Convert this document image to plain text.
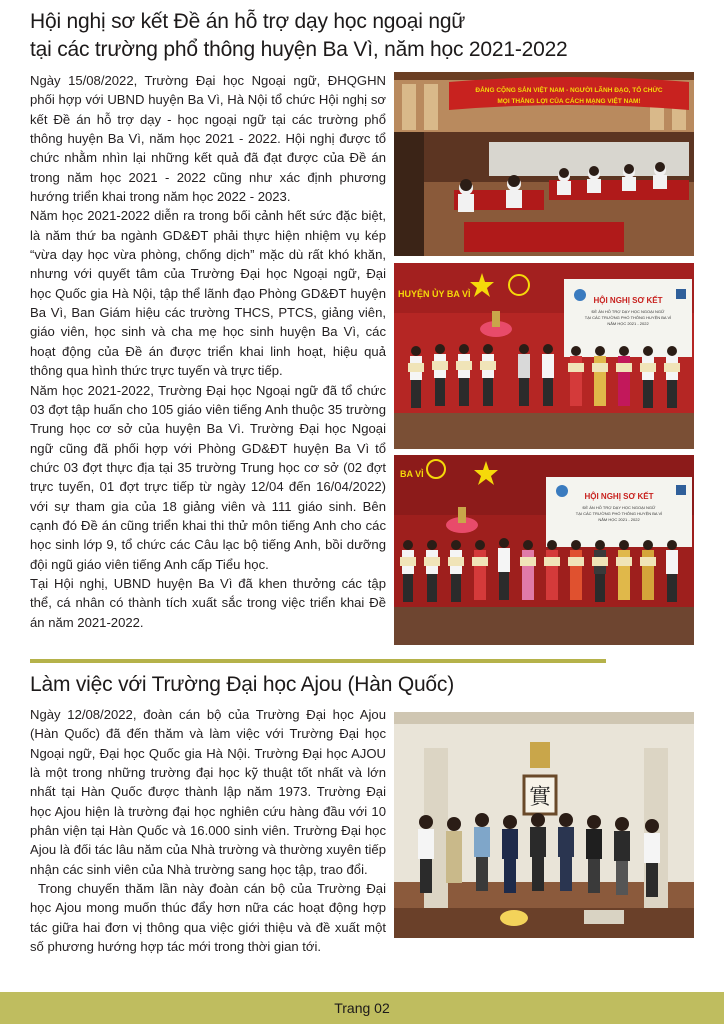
Hội nghị sơ kết Đề án hỗ trợ dạy học ngoại ngữ
tại các trường phổ thông huyện Ba Vì, năm học 2021-2022

Ngày 15/08/2022, Trường Đại học Ngoại ngữ, ĐHQGHN phối hợp với UBND huyện Ba Vì, Hà Nội tổ chức Hội nghị sơ kết Đề án hỗ trợ dạy - học ngoại ngữ tại các trường phổ thông huyện Ba Vì, năm học 2021 - 2022. Hội nghị được tổ chức nhằm nhìn lại những kết quả đã đạt được của Đề án trong năm học 2021 - 2022 cũng như xác định phương hướng triển khai trong năm học 2022 - 2023.

Năm học 2021-2022 diễn ra trong bối cảnh hết sức đặc biệt, là năm thứ ba ngành GD&ĐT phải thực hiện nhiệm vụ kép “vừa dạy học vừa phòng, chống dịch” mặc dù rất khó khăn, nhưng với quyết tâm của Trường Đại học Ngoại ngữ, Đại học Quốc gia Hà Nội, tập thể lãnh đạo Phòng GD&ĐT huyện Ba Vì, Ban Giám hiệu các trường THCS, PTCS, giảng viên, giáo viên, học sinh và cha mẹ học sinh huyện Ba Vì, các hoạt động của Đề án được triển khai linh hoạt, hiệu quả thông qua hình thức trực tuyến và trực tiếp.

Năm học 2021-2022, Trường Đại học Ngoại ngữ đã tổ chức 03 đợt tập huấn cho 105 giáo viên tiếng Anh thuộc 35 trường Trung học cơ sở của huyện Ba Vì. Trường Đại học Ngoại ngữ cũng đã phối hợp với Phòng GD&ĐT huyện Ba Vì tổ chức 03 đợt thực địa tại 35 trường Trung học cơ sở (02 đợt trực tuyến, 01 đợt trực tiếp từ ngày 12/04 đến 16/04/2022) với sự tham gia của 18 giảng viên và 111 giáo sinh. Bên cạnh đó Đề án cũng triển khai thi thử môn tiếng Anh cho các học sinh lớp 9, tổ chức các Câu lạc bộ tiếng Anh, bồi dưỡng đội ngũ giáo viên tiếng Anh cấp Tiểu học.

Tại Hội nghị, UBND huyện Ba Vì đã khen thưởng các tập thể, cá nhân có thành tích xuất sắc trong việc triển khai Đề án năm 2021-2022.

ĐẢNG CỘNG SẢN VIỆT NAM - NGƯỜI LÃNH ĐẠO, TỔ CHỨC
MỌI THẮNG LỢI CỦA CÁCH MẠNG VIỆT NAM!
HUYỆN ỦY BA VÌ
HỘI NGHỊ SƠ KẾT
ĐỀ ÁN HỖ TRỢ DẠY HỌC NGOẠI NGỮ
TẠI CÁC TRƯỜNG PHỔ THÔNG HUYỆN BA VÌ
NĂM HỌC 2021 - 2022
BA VÌ
HỘI NGHỊ SƠ KẾT
ĐỀ ÁN HỖ TRỢ DẠY HỌC NGOẠI NGỮ
TẠI CÁC TRƯỜNG PHỔ THÔNG HUYỆN BA VÌ
NĂM HỌC 2021 - 2022
Làm việc với Trường Đại học Ajou (Hàn Quốc)

Ngày 12/08/2022, đoàn cán bộ của Trường Đại học Ajou (Hàn Quốc) đã đến thăm và làm việc với Trường Đại học Ngoại ngữ, Đại học Quốc gia Hà Nội. Trường Đại học AJOU là một trong những trường đại học kỹ thuật tốt nhất và lớn nhất tại Hàn Quốc được thành lập năm 1973. Trường Đại học Ajou hiện là trường đại học nghiên cứu hàng đầu với 10 phân viện tại Hàn Quốc và 16.000 sinh viên. Trường Đại học Ajou là đối tác lâu năm của Nhà trường và thường xuyên tiếp nhận các sinh viên của Nhà trường sang học tập, trao đổi.

Trong chuyến thăm lần này đoàn cán bộ của Trường Đại học Ajou mong muốn thúc đẩy hơn nữa các hoạt động hợp tác giữa hai đơn vị thông qua việc giới thiệu và đề xuất một số phương hướng hợp tác mới trong thời gian tới.

實
Trang 02
